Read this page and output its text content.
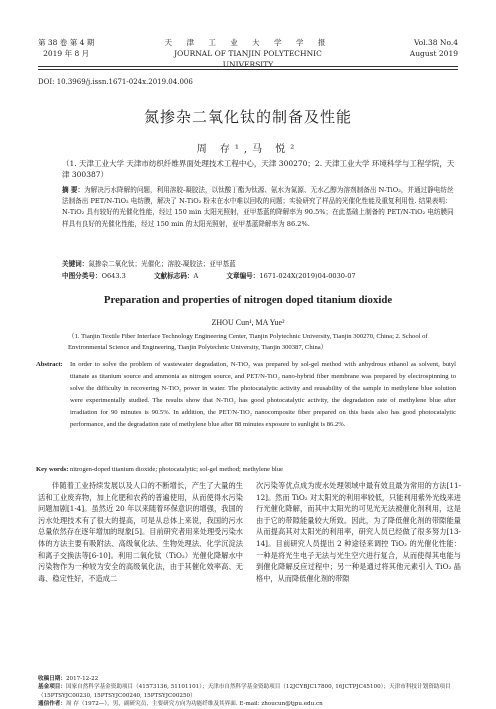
第 38 卷 第 4 期
2019 年 8 月
天 津 工 业 大 学 学 报
JOURNAL OF TIANJIN POLYTECHNIC UNIVERSITY
Vol.38 No.4
August 2019
DOI: 10.3969/j.issn.1671-024x.2019.04.006
氮掺杂二氧化钛的制备及性能
周 存¹,马 悦²
（1. 天津工业大学 天津市纺织纤维界面处理技术工程中心，天津 300270；2. 天津工业大学 环境科学与工程学院，天津 300387）
摘 要：为解决污水降解的问题，利用溶胶-凝胶法，以钛酸丁酯为钛源、氨水为氮源、无水乙醇为溶剂制备出 N-TiO₂，并通过静电纺丝法制备出 PET/N-TiO₂ 电纺膜，解决了 N-TiO₂ 粉末在水中难以回收的问题；实验研究了样品的光催化性能及重复利用性. 结果表明：N-TiO₂ 具有较好的光催化性能，经过 150 min 太阳光照射，亚甲基蓝的降解率为 90.5%；在此基础上制备的 PET/N-TiO₂ 电纺膜同样具有良好的光催化性能，经过 150 min 的太阳光照射，亚甲基蓝降解率为 86.2%.
关键词：氮掺杂二氧化钛；光催化；溶胶-凝胶法；亚甲基蓝
中图分类号：O643.3	文献标志码：A	文章编号：1671-024X(2019)04-0030-07
Preparation and properties of nitrogen doped titanium dioxide
ZHOU Cun¹, MA Yue²
（1. Tianjin Textile Fiber Interface Technology Engineering Center, Tianjin Polytechnic University, Tianjin 300270, China; 2. School of Environmental Science and Engineering, Tianjin Polytechnic University, Tianjin 300387, China）
Abstract: In order to solve the problem of wastewater degradation, N-TiO₂ was prepared by sol-gel method with anhydrous ethanol as solvent, butyl titanate as titanium source and ammonia as nitrogen source, and PET/N-TiO₂ nano-hybrid fiber membrane was prepared by electrospinning to solve the difficulty in recovering N-TiO₂ power in water. The photocatalytic activity and reusability of the sample in methylene blue solution were experimentally studied. The results show that N-TiO₂ has good photocatalytic activity, the degradation rate of methylene blue after irradiation for 90 minutes is 90.5%. In addition, the PET/N-TiO₂ nanocomposite fiber prepared on this basis also has good photocatalytic performance, and the degradation rate of methylene blue after 88 minutes exposure to sunlight is 86.2%.
Key words: nitrogen-doped titanium dioxide; photocatalytic; sol-gel method; methylene blue

伴随着工业持续发展以及人口的不断增长，产生了大量的生活和工业废弃物，加上化肥和农药的普遍使用，从而使得水污染问题加剧[1-4]。虽然近 20 年以来随着环保意识的增强，我国的污水处理技术有了很大的提高，可是从总体上来说，我国的污水总量依然存在逐年增加的现象[5]。目前研究者用来处理受污染水体的方法主要有吸附法、高级氧化法、生物处理法、化学沉淀法和离子交换法等[6-10]。利用二氧化钛（TiO₂）光催化降解水中污染物作为一种较为安全的高级氧化法，由于其催化效率高、无毒、稳定性好，不造成二

次污染等优点成为废水处理领域中最有效且最为常用的方法[11-12]。然而 TiO₂ 对太阳光的利用率较低，只能利用紫外光线来进行光催化降解，而其中太阳光的可见光无法被催化剂利用，这是由于它的带隙能量较大所致。因此，为了降低催化剂的带隙能量从而提高其对太阳光的利用率，研究人员已经做了很多努力[13-14]。目前研究人员提出 2 种途径来调控 TiO₂ 的光催化性能：一种是将光生电子无法与光生空穴进行复合，从而使得其电能与到催化降解反应过程中；另一种是通过将其他元素引入 TiO₂ 晶格中，从而降低催化剂的带隙

收稿日期：2017-12-22
基金项目：国家自然科学基金资助项目（41573136, 51101101）；天津市自然科学基金资助项目（12JCYBJC17800, 16JCTPJC45100）；天津市科技计划资助项目（15PTSYJC00230, 15PTSYJC00240, 15PTSYJC00250）
通信作者：周 存（1972—），男，副研究员，主要研究方向为功能纤维及其界面. E-mail: zhoucun@tjpu.edu.cn
